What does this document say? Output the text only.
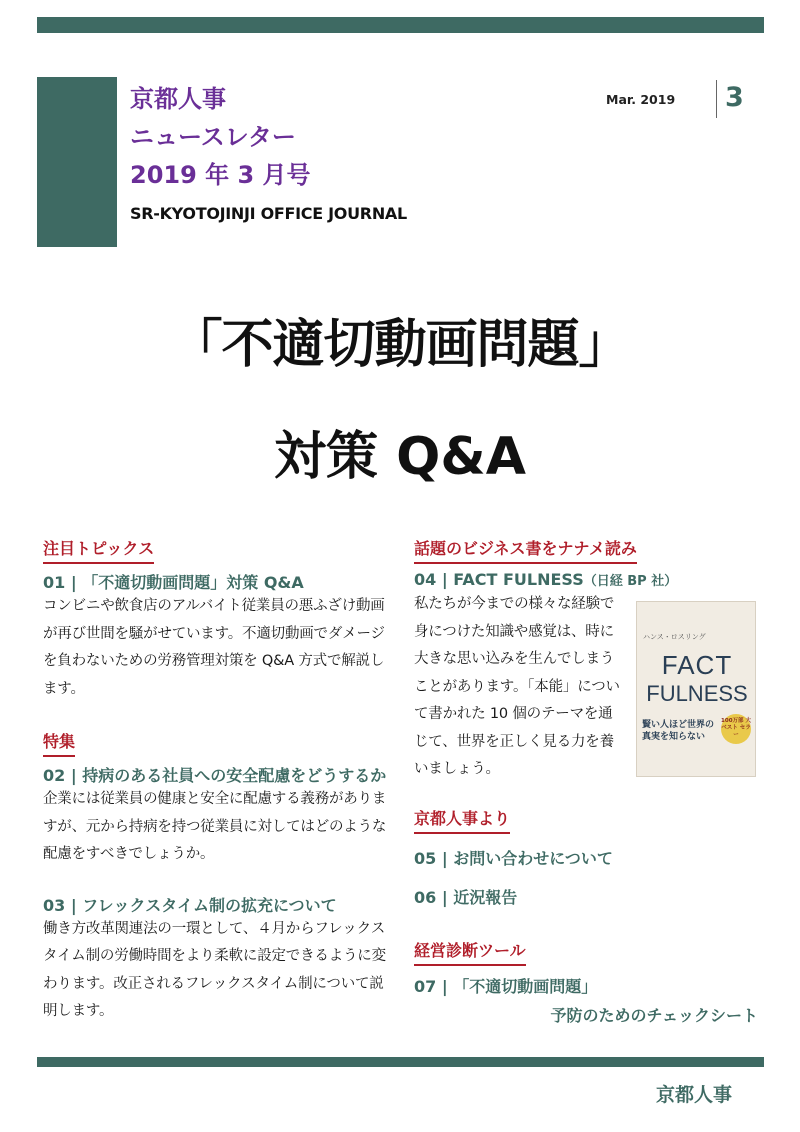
京都人事
ニュースレター
2019 年 3 月号
SR-KYOTOJINJI OFFICE JOURNAL
Mar. 2019 3
「不適切動画問題」
対策 Q&A
注目トピックス
01 | 「不適切動画問題」対策 Q&A
コンビニや飲食店のアルバイト従業員の悪ふざけ動画が再び世間を騒がせています。不適切動画でダメージを負わないための労務管理対策を Q&A 方式で解説します。
特集
02 | 持病のある社員への安全配慮をどうするか
企業には従業員の健康と安全に配慮する義務がありますが、元から持病を持つ従業員に対してはどのような配慮をすべきでしょうか。
03 | フレックスタイム制の拡充について
働き方改革関連法の一環として、４月からフレックスタイム制の労働時間をより柔軟に設定できるように変わります。改正されるフレックスタイム制について説明します。
話題のビジネス書をナナメ読み
04 | FACT FULNESS（日経 BP 社）
私たちが今までの様々な経験で身につけた知識や感覚は、時に大きな思い込みを生んでしまうことがあります。「本能」について書かれた 10 個のテーマを通じて、世界を正しく見る力を養いましょう。
京都人事より
05 | お問い合わせについて
06 | 近況報告
経営診断ツール
07 | 「不適切動画問題」
予防のためのチェックシート
ハンス・ロスリング
FACT
FULNESS
賢い人ほど世界の
真実を知らない
100万部 大ベスト セラー
京都人事
